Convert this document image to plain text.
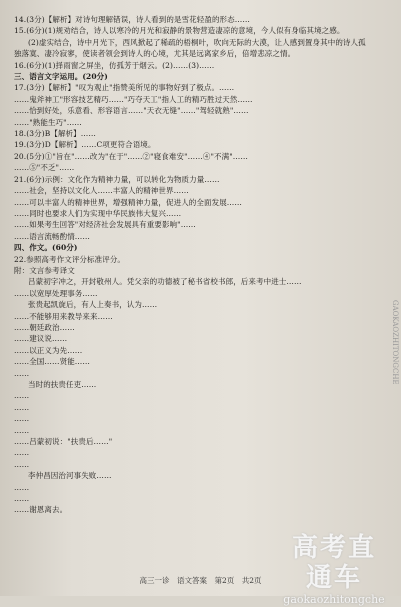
14.(3分)【解析】对诗句理解错误，诗人看到的是雪花轻盈的形态……
15.(6分)(1)规劝结合，诗人以寒冷的月光和寂静的景物营造凄凉的意境，今人似有身临其境之感。
(2)虚实结合，诗中月光下，西风掀起了稀疏的梧桐叶，吹向无际的大漠，让人感到置身其中的诗人孤
独落寞、凄冷寂寥，使读者领会到诗人的心境，尤其是远离家乡后，倍增悲凉之情。
16.(6分)(1)择雨窗之屏坐，仿孤芳于烟云。(2)……(3)……
三、语言文字运用。(20分)
17.(3分)【解析】"叹为观止"指赞美所见的事物好到了极点。……
……鬼斧神工"形容技艺精巧……"巧夺天工"指人工的精巧胜过天然……
……恰到好处，乐意看、形容语言……"天衣无缝"……"驾轻就熟"……
……"熟能生巧"……
18.(3分)B【解析】……
19.(3分)D【解析】……C项更符合语境。
20.(5分)①"旨在"……改为"在于"……②"寝食难安"……④"不满"……
……⑤"不乏"……
21.(6分)示例：文化作为精神力量，可以转化为物质力量……
……社会，坚持以文化人……丰富人的精神世界……
……可以丰富人的精神世界，增强精神力量，促进人的全面发展……
……同时也要求人们为实现中华民族伟大复兴……
……如果考生回答"对经济社会发展具有重要影响"……
……语言流畅酌情……
四、作文。(60分)
22.参照高考作文评分标准评分。
附：文言参考译文
吕蒙初字冲之，开封敬州人。凭父亲的功德被了秘书省校书郎，后来考中进士……
……以宽厚处理事务……
张贵起凯旋后，有人上奏书，认为……
……不能够用来教导来来……
……朝廷政治……
……建议说……
……以正义为先……
……全国……贤能……
……
当时的扶贵任吏……
……
……
……
……
……吕蒙初说："扶贵后……"
……
……
李仲昌因治河事失败……
……
……
……谢恩离去。
高三一诊　语文答案　第2页　共2页
高考直通车
gaokaozhitongche
GAOKAOZHITONGCHE
